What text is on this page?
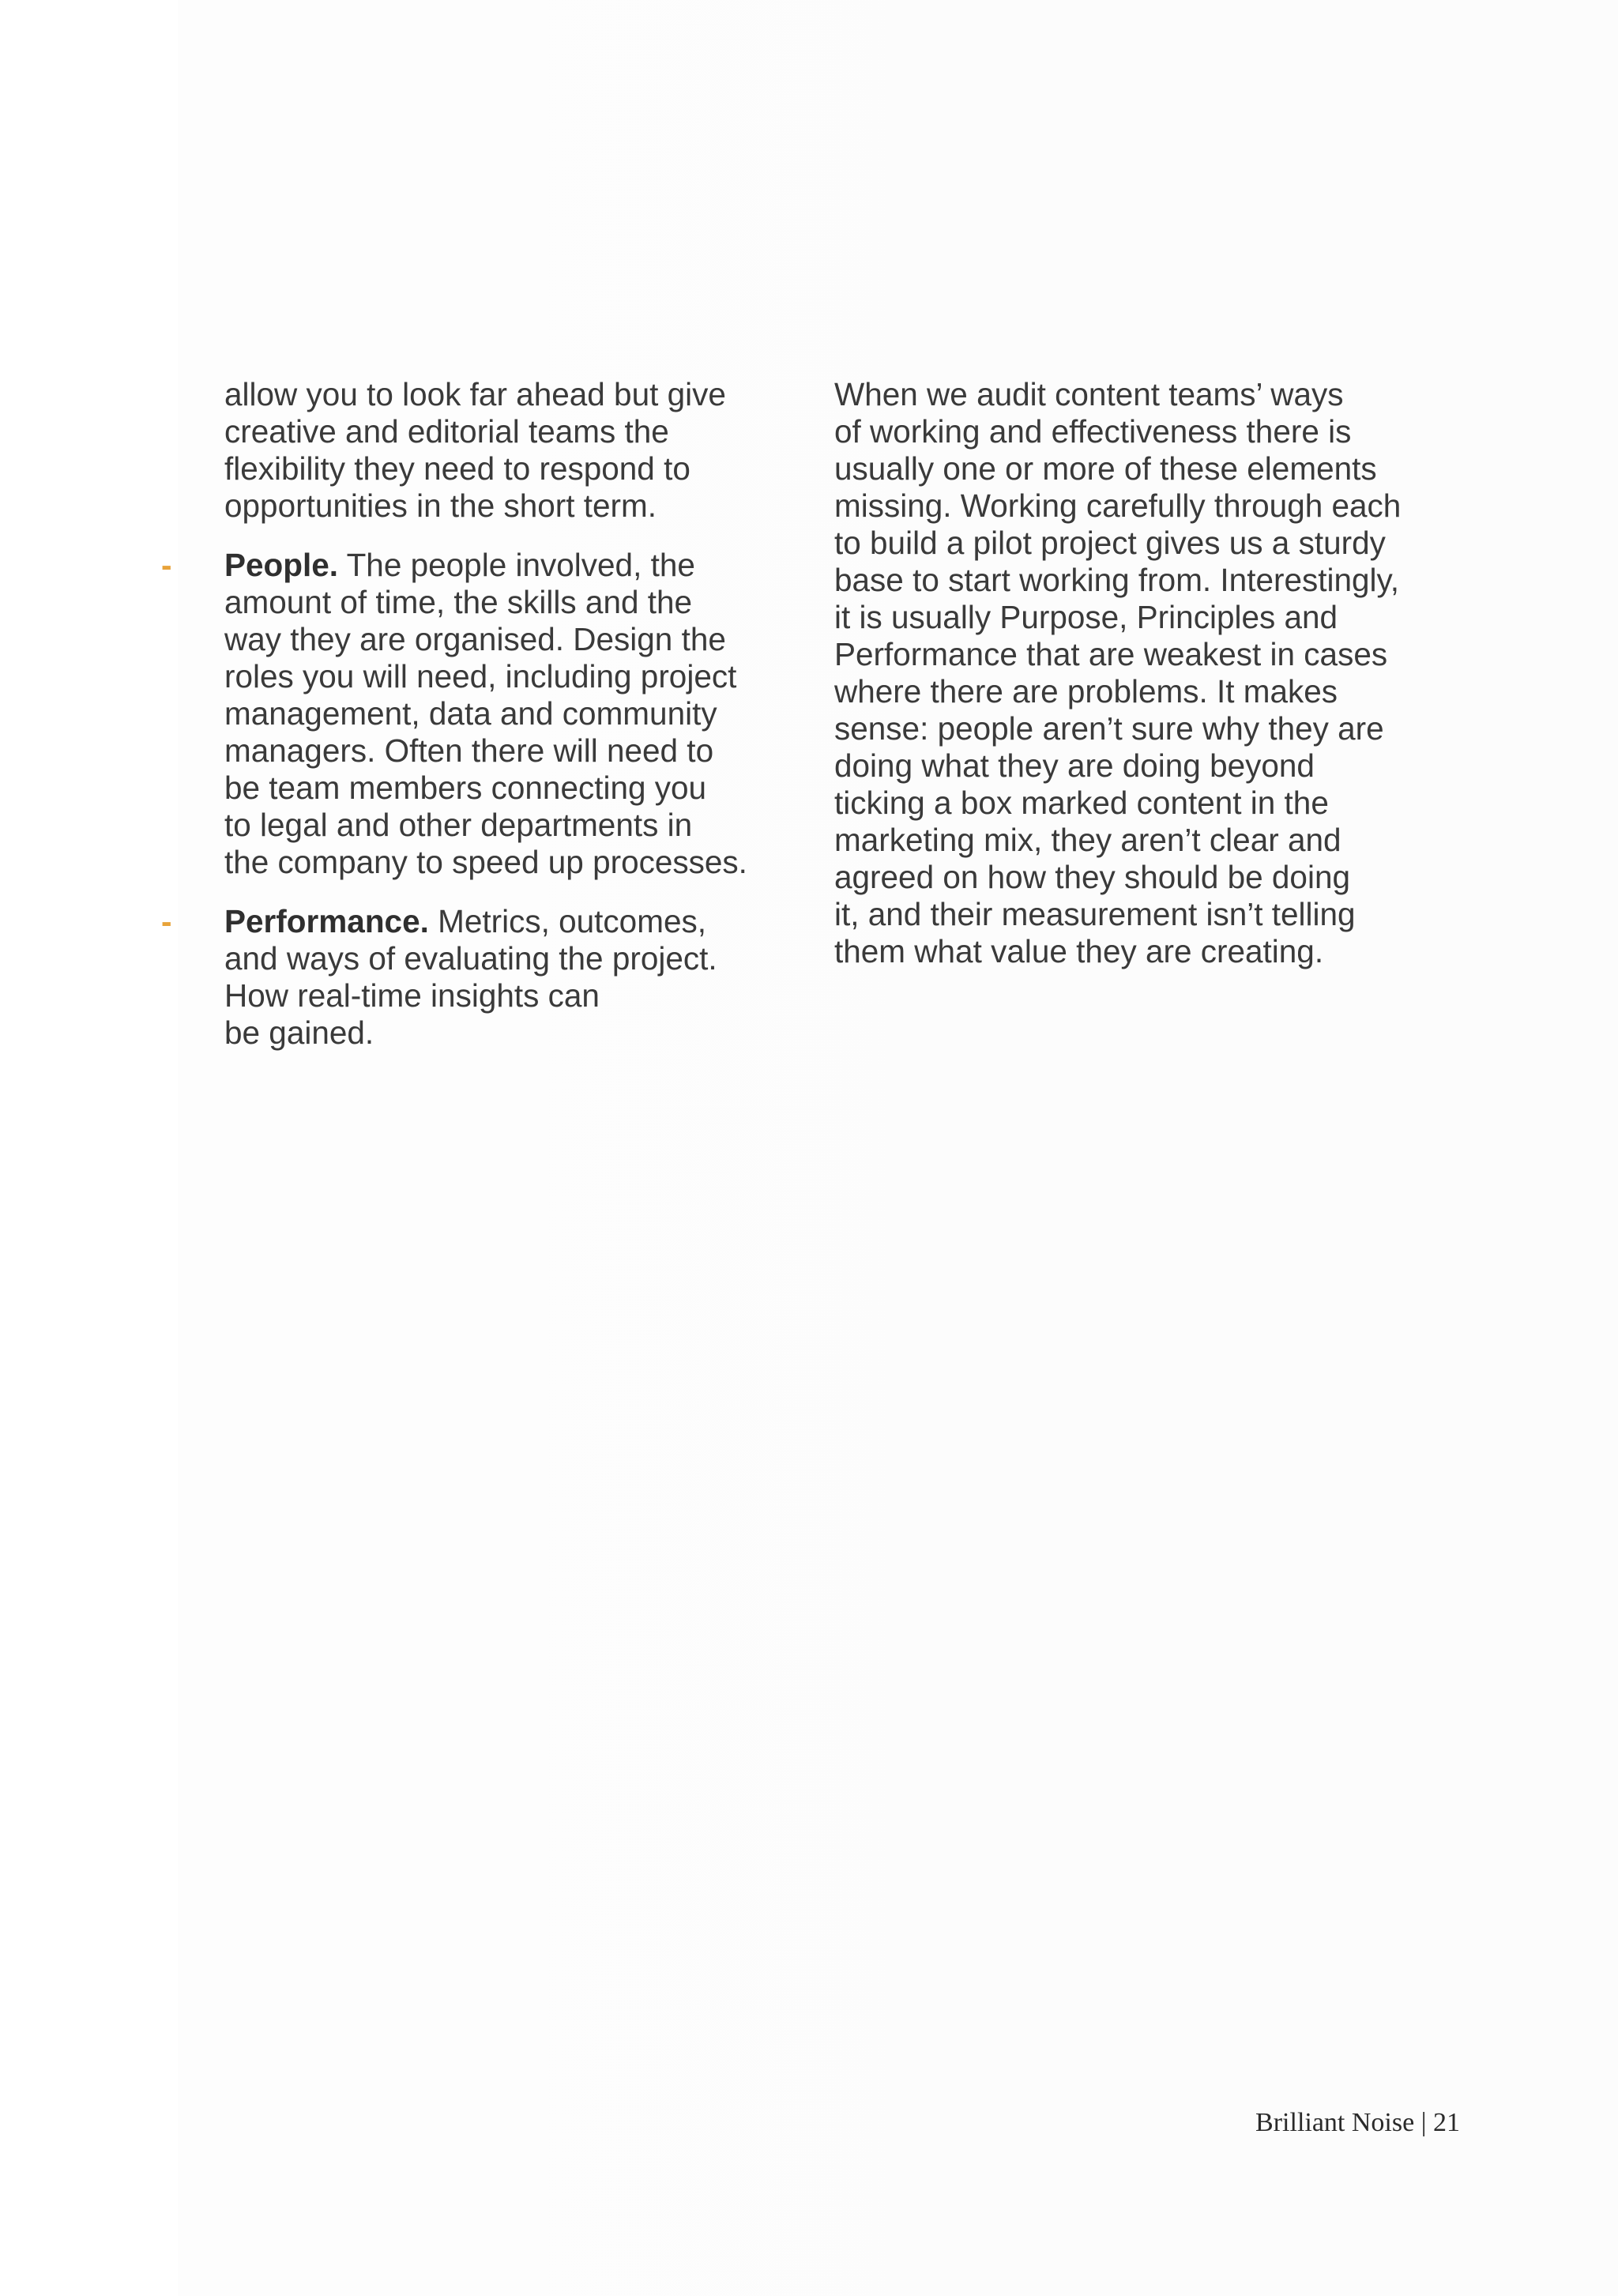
allow you to look far ahead but give
creative and editorial teams the
flexibility they need to respond to
opportunities in the short term.
- People. The people involved, the
amount of time, the skills and the
way they are organised. Design the
roles you will need, including project
management, data and community
managers. Often there will need to
be team members connecting you
to legal and other departments in
the company to speed up processes.
- Performance. Metrics, outcomes,
and ways of evaluating the project.
How real-time insights can
be gained.
When we audit content teams’ ways
of working and effectiveness there is
usually one or more of these elements
missing. Working carefully through each
to build a pilot project gives us a sturdy
base to start working from. Interestingly,
it is usually Purpose, Principles and
Performance that are weakest in cases
where there are problems. It makes
sense: people aren’t sure why they are
doing what they are doing beyond
ticking a box marked content in the
marketing mix, they aren’t clear and
agreed on how they should be doing
it, and their measurement isn’t telling
them what value they are creating.
Brilliant Noise | 21
